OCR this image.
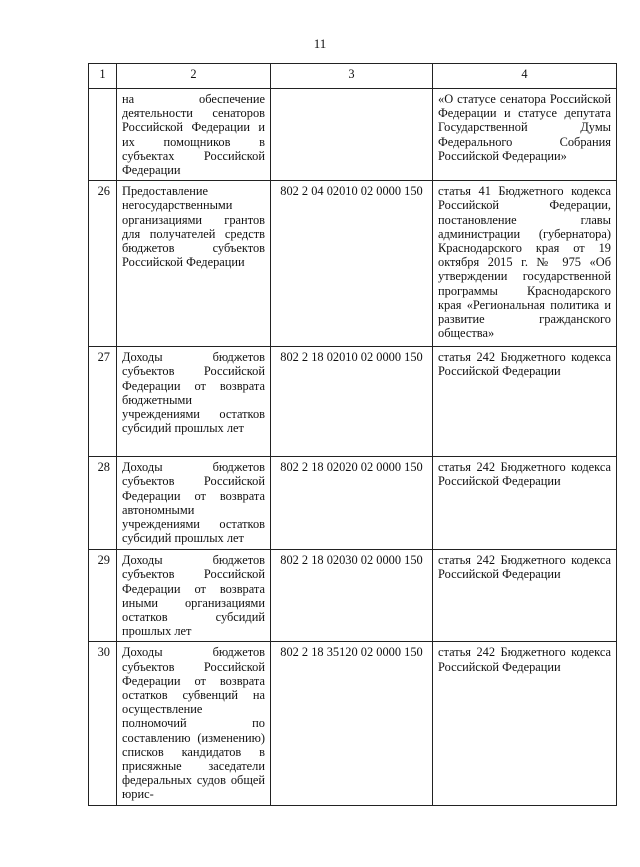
11
1	2	3	4
	на обеспечение деятельности сенаторов Российской Федерации и их помощников в субъектах Российской Федерации		«О статусе сенатора Российской Федерации и статусе депутата Государственной Думы Федерального Собрания Российской Федерации»
26	Предоставление негосударственными организациями грантов для получателей средств бюджетов субъектов Российской Федерации	802 2 04 02010 02 0000 150	статья 41 Бюджетного кодекса Российской Федерации, постановление главы администрации (губернатора) Краснодарского края от 19 октября 2015 г. № 975 «Об утверждении государственной программы Краснодарского края «Региональная политика и развитие гражданского общества»
27	Доходы бюджетов субъектов Российской Федерации от возврата бюджетными учреждениями остатков субсидий прошлых лет	802 2 18 02010 02 0000 150	статья 242 Бюджетного кодекса Российской Федерации
28	Доходы бюджетов субъектов Российской Федерации от возврата автономными учреждениями остатков субсидий прошлых лет	802 2 18 02020 02 0000 150	статья 242 Бюджетного кодекса Российской Федерации
29	Доходы бюджетов субъектов Российской Федерации от возврата иными организациями остатков субсидий прошлых лет	802 2 18 02030 02 0000 150	статья 242 Бюджетного кодекса Российской Федерации
30	Доходы бюджетов субъектов Российской Федерации от возврата остатков субвенций на осуществление полномочий по составлению (изменению) списков кандидатов в присяжные заседатели федеральных судов общей юрис-	802 2 18 35120 02 0000 150	статья 242 Бюджетного кодекса Российской Федерации
